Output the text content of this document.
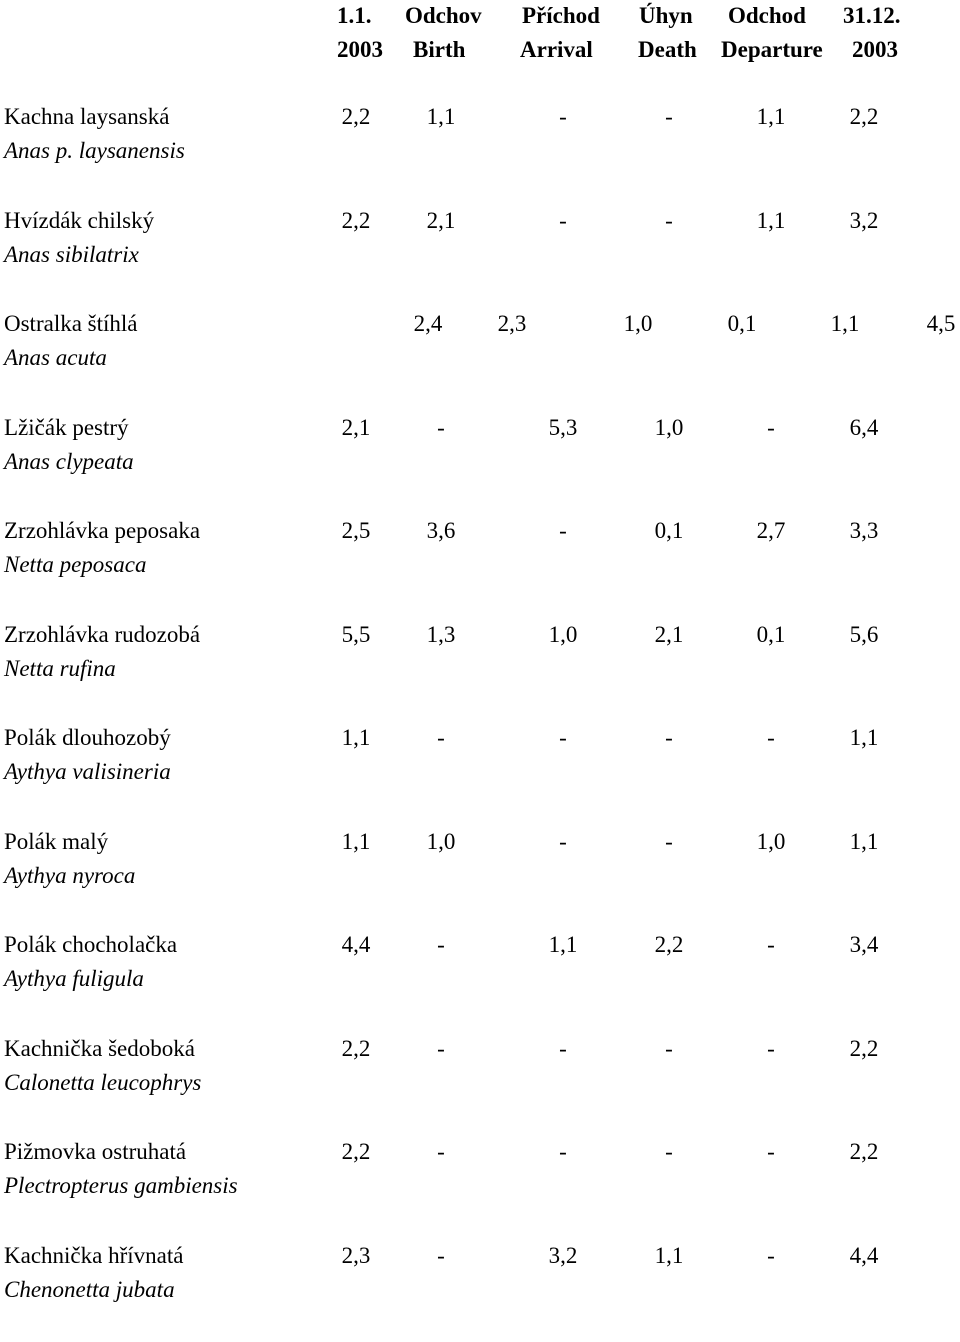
1.1. Odchov Příchod Úhyn Odchod 31.12.
2003 Birth Arrival Death Departure 2003
Kachna laysanská
Anas p. laysanensis
2,2	1,1	-	-	1,1	2,2
Hvízdák chilský
Anas sibilatrix
2,2	2,1	-	-	1,1	3,2
Ostralka štíhlá
Anas acuta
2,4	2,3	1,0	0,1	1,1	4,5
Lžičák pestrý
Anas clypeata
2,1	-	5,3	1,0	-	6,4
Zrzohlávka peposaka
Netta peposaca
2,5	3,6	-	0,1	2,7	3,3
Zrzohlávka rudozobá
Netta rufina
5,5	1,3	1,0	2,1	0,1	5,6
Polák dlouhozobý
Aythya valisineria
1,1	-	-	-	-	1,1
Polák malý
Aythya nyroca
1,1	1,0	-	-	1,0	1,1
Polák chocholačka
Aythya fuligula
4,4	-	1,1	2,2	-	3,4
Kachnička šedoboká
Calonetta leucophrys
2,2	-	-	-	-	2,2
Pižmovka ostruhatá
Plectropterus gambiensis
2,2	-	-	-	-	2,2
Kachnička hřívnatá
Chenonetta jubata
2,3	-	3,2	1,1	-	4,4
